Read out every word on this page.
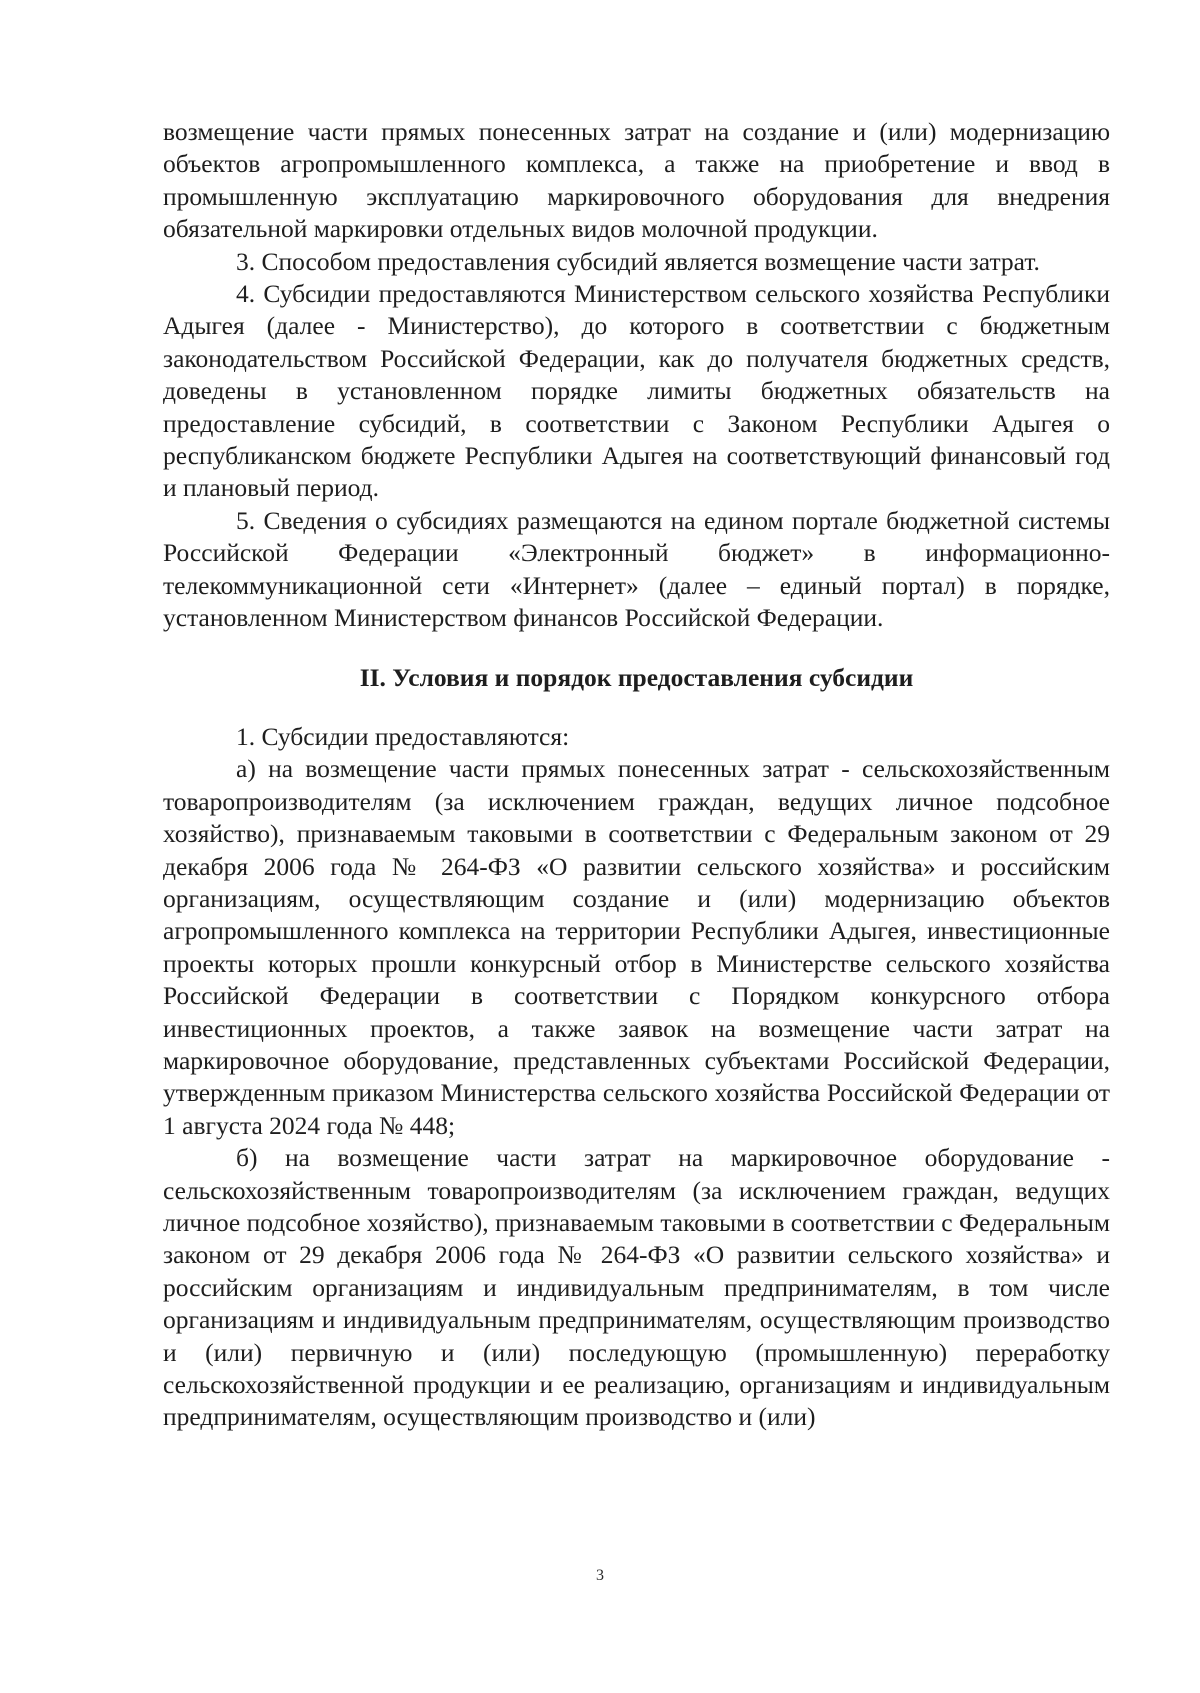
возмещение части прямых понесенных затрат на создание и (или) модернизацию объектов агропромышленного комплекса, а также на приобретение и ввод в промышленную эксплуатацию маркировочного оборудования для внедрения обязательной маркировки отдельных видов молочной продукции.

3. Способом предоставления субсидий является возмещение части затрат.

4. Субсидии предоставляются Министерством сельского хозяйства Республики Адыгея (далее - Министерство), до которого в соответствии с бюджетным законодательством Российской Федерации, как до получателя бюджетных средств, доведены в установленном порядке лимиты бюджетных обязательств на предоставление субсидий, в соответствии с Законом Республики Адыгея о республиканском бюджете Республики Адыгея на соответствующий финансовый год и плановый период.

5. Сведения о субсидиях размещаются на едином портале бюджетной системы Российской Федерации «Электронный бюджет» в информационно-телекоммуникационной сети «Интернет» (далее – единый портал) в порядке, установленном Министерством финансов Российской Федерации.

II. Условия и порядок предоставления субсидии

1. Субсидии предоставляются:

а) на возмещение части прямых понесенных затрат - сельскохозяйственным товаропроизводителям (за исключением граждан, ведущих личное подсобное хозяйство), признаваемым таковыми в соответствии с Федеральным законом от 29 декабря 2006 года № 264-ФЗ «О развитии сельского хозяйства» и российским организациям, осуществляющим создание и (или) модернизацию объектов агропромышленного комплекса на территории Республики Адыгея, инвестиционные проекты которых прошли конкурсный отбор в Министерстве сельского хозяйства Российской Федерации в соответствии с Порядком конкурсного отбора инвестиционных проектов, а также заявок на возмещение части затрат на маркировочное оборудование, представленных субъектами Российской Федерации, утвержденным приказом Министерства сельского хозяйства Российской Федерации от 1 августа 2024 года № 448;

б) на возмещение части затрат на маркировочное оборудование - сельскохозяйственным товаропроизводителям (за исключением граждан, ведущих личное подсобное хозяйство), признаваемым таковыми в соответствии с Федеральным законом от 29 декабря 2006 года № 264-ФЗ «О развитии сельского хозяйства» и российским организациям и индивидуальным предпринимателям, в том числе организациям и индивидуальным предпринимателям, осуществляющим производство и (или) первичную и (или) последующую (промышленную) переработку сельскохозяйственной продукции и ее реализацию, организациям и индивидуальным предпринимателям, осуществляющим производство и (или)

3
